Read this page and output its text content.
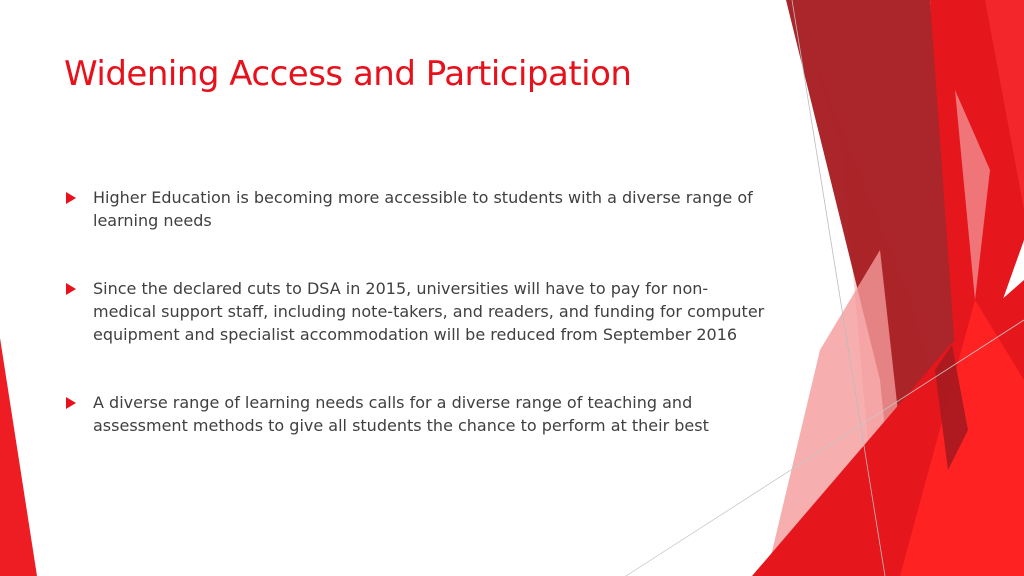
Widening Access and Participation
Higher Education is becoming more accessible to students with a diverse range of learning needs
Since the declared cuts to DSA in 2015, universities will have to pay for non-medical support staff, including note-takers, and readers, and funding for computer equipment and specialist accommodation will be reduced from September 2016
A diverse range of learning needs calls for a diverse range of teaching and assessment methods to give all students the chance to perform at their best
